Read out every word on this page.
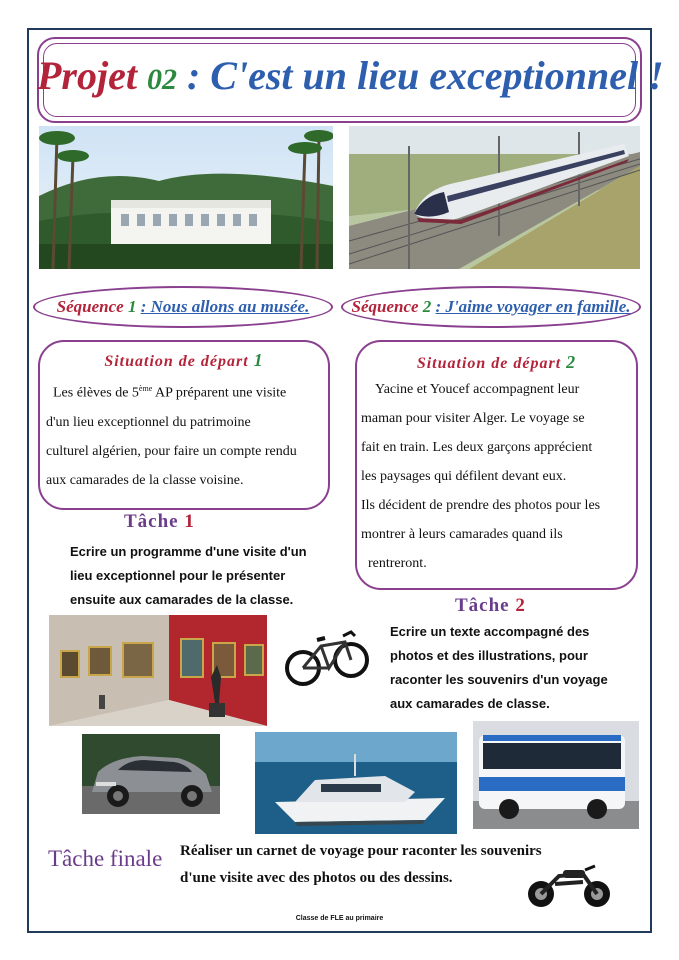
Projet 02 : C'est un lieu exceptionnel !
Séquence 1 : Nous allons au musée.	Séquence 2 : J'aime voyager en famille.
Situation de départ 1
Les élèves de 5ème AP préparent une visite
d'un lieu exceptionnel du patrimoine
culturel algérien, pour faire un compte rendu
aux camarades de la classe voisine.
Situation de départ 2
Yacine et Youcef accompagnent leur
maman pour visiter Alger. Le voyage se
fait en train. Les deux garçons apprécient
les paysages qui défilent devant eux.
Ils décident de prendre des photos pour les
montrer à leurs camarades quand ils
rentreront.
Tâche 1
Ecrire un programme d'une visite d'un
lieu exceptionnel pour le présenter
ensuite aux camarades de la classe.	Tâche 2
Ecrire un texte accompagné des
photos et des illustrations, pour
raconter les souvenirs d'un voyage
aux camarades de classe.
Tâche finale Réaliser un carnet de voyage pour raconter les souvenirs
d'une visite avec des photos ou des dessins.
Classe de FLE au primaire
